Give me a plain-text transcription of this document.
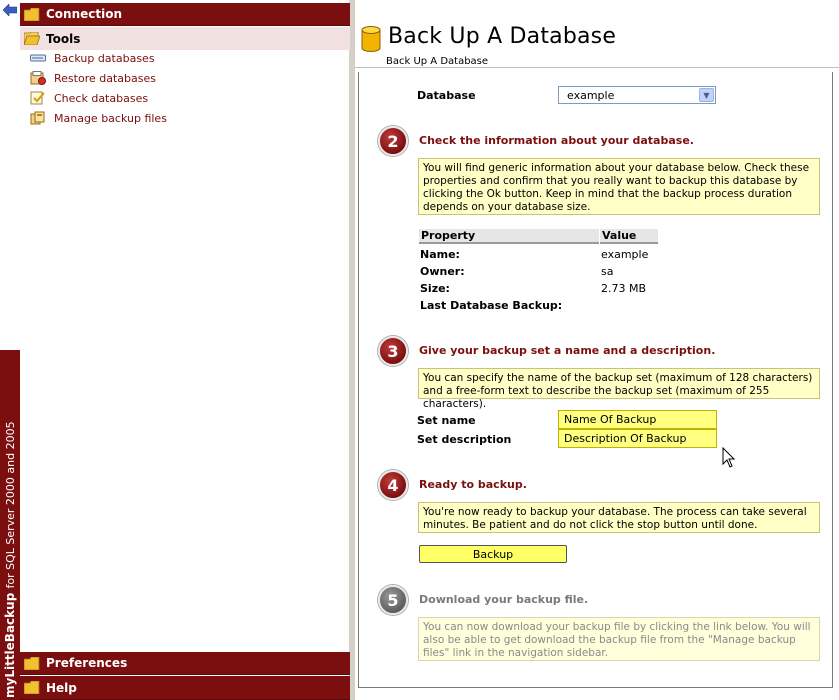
myLittleBackup for SQL Server 2000 and 2005
Connection
Tools
Backup databases
Restore databases
Check databases
Manage backup files
Preferences
Help
Back Up A Database
Back Up A Database
Database	example	▼
2	Check the information about your database.
You will find generic information about your database below. Check these properties and confirm that you really want to backup this database by clicking the Ok button. Keep in mind that the backup process duration depends on your database size.
Property	Value
Name:	example
Owner:	sa
Size:	2.73 MB
Last Database Backup:
3	Give your backup set a name and a description.
You can specify the name of the backup set (maximum of 128 characters) and a free-form text to describe the backup set (maximum of 255 characters).
Set name	Name Of Backup
Set description	Description Of Backup
4	Ready to backup.
You're now ready to backup your database. The process can take several minutes. Be patient and do not click the stop button until done.
Backup
5	Download your backup file.
You can now download your backup file by clicking the link below. You will also be able to get download the backup file from the "Manage backup files" link in the navigation sidebar.
